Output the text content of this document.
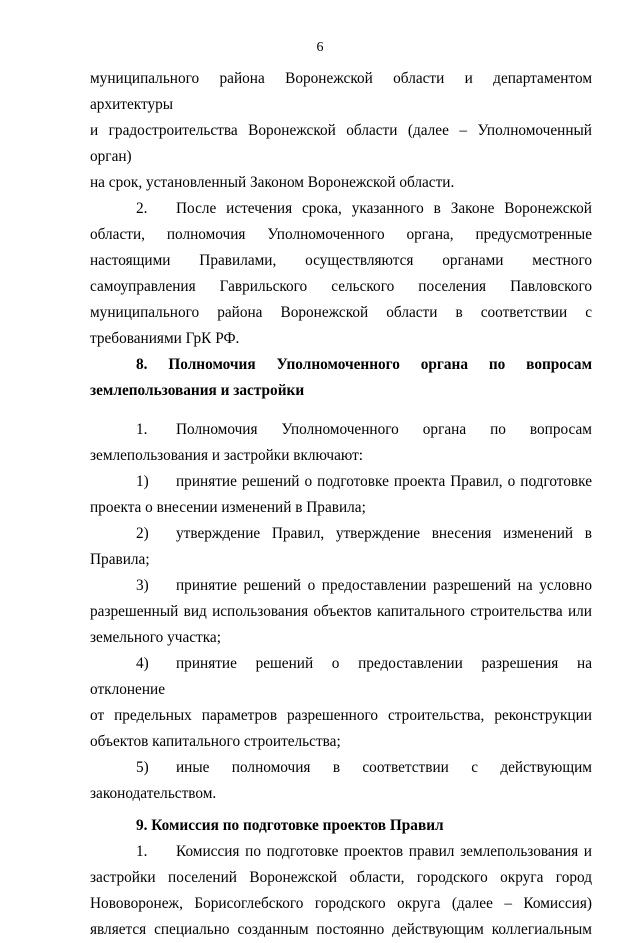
6

муниципального района Воронежской области и департаментом архитектуры

и градостроительства Воронежской области (далее – Уполномоченный орган)

на срок, установленный Законом Воронежской области.

2. После истечения срока, указанного в Законе Воронежской

области, полномочия Уполномоченного органа, предусмотренные

настоящими Правилами, осуществляются органами местного

самоуправления Гаврильского сельского поселения Павловского

муниципального района Воронежской области в соответствии с

требованиями ГрК РФ.

8. Полномочия Уполномоченного органа по вопросам

землепользования и застройки

1. Полномочия Уполномоченного органа по вопросам

землепользования и застройки включают:

1) принятие решений о подготовке проекта Правил, о подготовке

проекта о внесении изменений в Правила;

2) утверждение Правил, утверждение внесения изменений в

Правила;

3) принятие решений о предоставлении разрешений на условно

разрешенный вид использования объектов капитального строительства или

земельного участка;

4) принятие решений о предоставлении разрешения на отклонение

от предельных параметров разрешенного строительства, реконструкции

объектов капитального строительства;

5) иные полномочия в соответствии с действующим

законодательством.

9. Комиссия по подготовке проектов Правил

1. Комиссия по подготовке проектов правил землепользования и

застройки поселений Воронежской области, городского округа город

Нововоронеж, Борисоглебского городского округа (далее – Комиссия)

является специально созданным постоянно действующим коллегиальным
